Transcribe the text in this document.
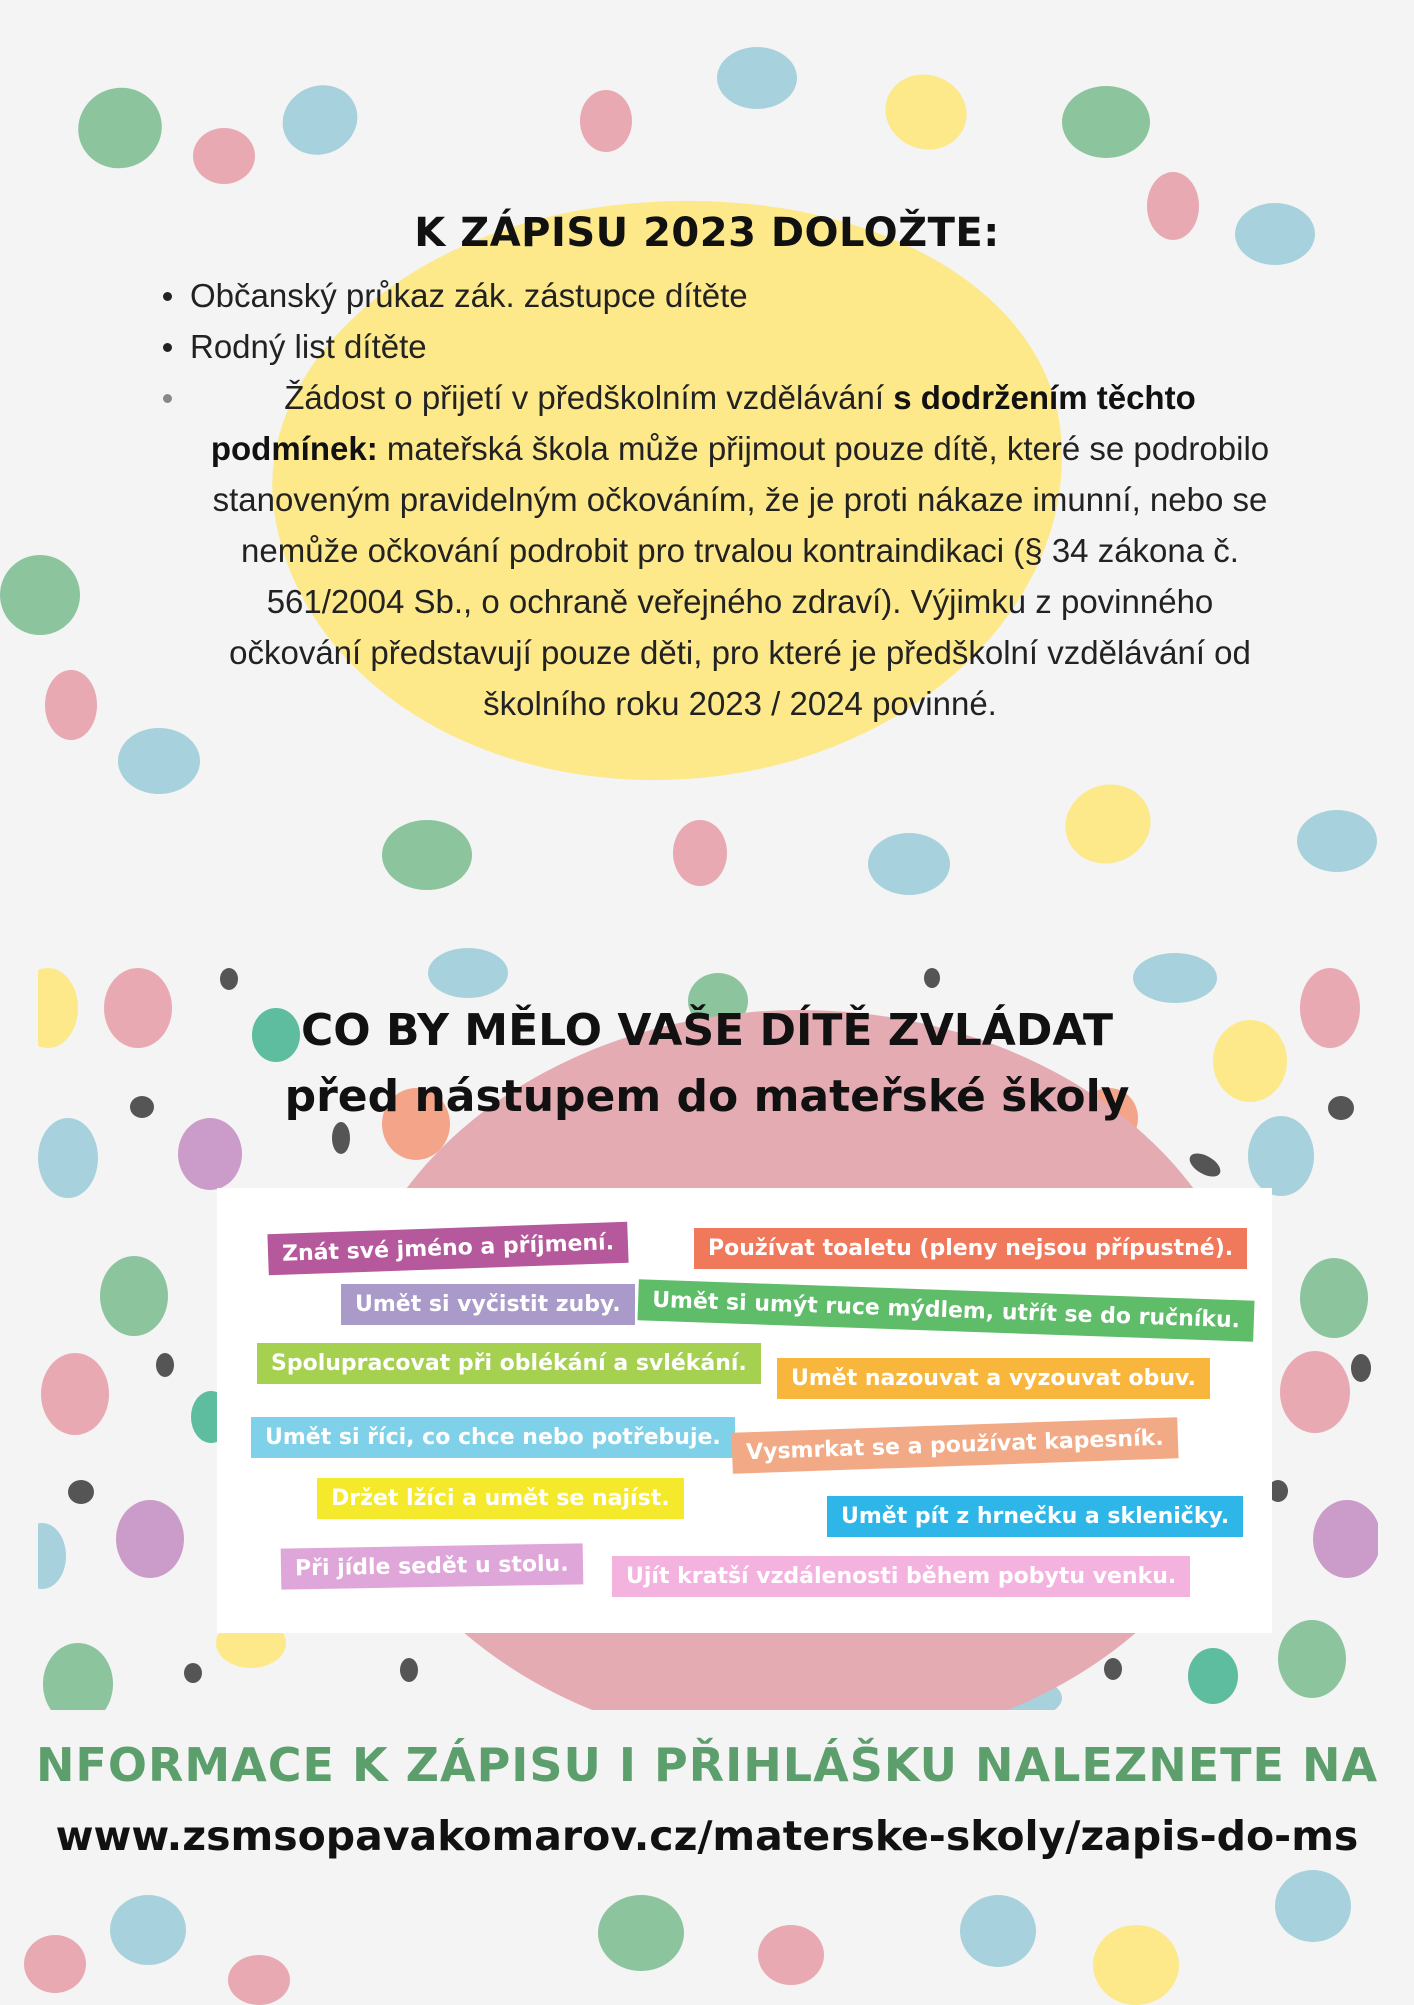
K ZÁPISU 2023 DOLOŽTE:
Občanský průkaz zák. zástupce dítěte
Rodný list dítěte
Žádost o přijetí v předškolním vzdělávání s dodržením těchto podmínek: mateřská škola může přijmout pouze dítě, které se podrobilo stanoveným pravidelným očkováním, že je proti nákaze imunní, nebo se nemůže očkování podrobit pro trvalou kontraindikaci (§ 34 zákona č. 561/2004 Sb., o ochraně veřejného zdraví). Výjimku z povinného očkování představují pouze děti, pro které je předškolní vzdělávání od školního roku 2023 / 2024 povinné.
CO BY MĚLO VAŠE DÍTĚ ZVLÁDAT
před nástupem do mateřské školy
Znát své jméno a příjmení.
Umět si vyčistit zuby.
Spolupracovat při oblékání a svlékání.
Umět si říci, co chce nebo potřebuje.
Držet lžíci a umět se najíst.
Při jídle sedět u stolu.
Používat toaletu (pleny nejsou přípustné).
Umět si umýt ruce mýdlem, utřít se do ručníku.
Umět nazouvat a vyzouvat obuv.
Vysmrkat se a používat kapesník.
Umět pít z hrnečku a skleničky.
Ujít kratší vzdálenosti během pobytu venku.

NFORMACE K ZÁPISU I PŘIHLÁŠKU NALEZNETE NA

www.zsmsopavakomarov.cz/materske-skoly/zapis-do-ms
